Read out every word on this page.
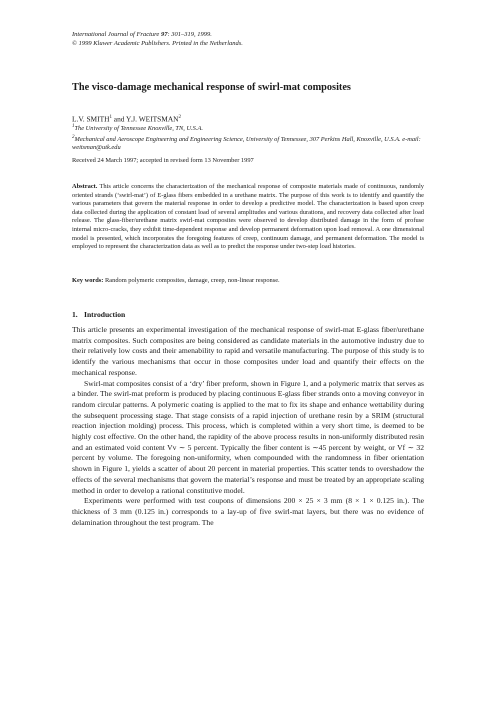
International Journal of Fracture 97: 301–319, 1999.
© 1999 Kluwer Academic Publishers. Printed in the Netherlands.
The visco-damage mechanical response of swirl-mat composites
L.V. SMITH$^1$ and Y.J. WEITSMAN$^2$
$^1$The University of Tennessee Knoxville, TN, U.S.A.
$^2$Mechanical and Aeroscope Engineering and Engineering Science, University of Tennessee, 307 Perkins Hall, Knoxville, U.S.A. e-mail: weitsman@utk.edu
Received 24 March 1997; accepted in revised form 13 November 1997
Abstract. This article concerns the characterization of the mechanical response of composite materials made of continuous, randomly oriented strands (‘swirl-mat’) of E-glass fibers embedded in a urethane matrix. The purpose of this work is to identify and quantify the various parameters that govern the material response in order to develop a predictive model. The characterization is based upon creep data collected during the application of constant load of several amplitudes and various durations, and recovery data collected after load release. The glass-fiber/urethane matrix swirl-mat composites were observed to develop distributed damage in the form of profuse internal micro-cracks, they exhibit time-dependent response and develop permanent deformation upon load removal. A one dimensional model is presented, which incorporates the foregoing features of creep, continuum damage, and permanent deformation. The model is employed to represent the characterization data as well as to predict the response under two-step load histories.
Key words: Random polymeric composites, damage, creep, non-linear response.
1. Introduction

This article presents an experimental investigation of the mechanical response of swirl-mat E-glass fiber/urethane matrix composites. Such composites are being considered as candidate materials in the automotive industry due to their relatively low costs and their amenability to rapid and versatile manufacturing. The purpose of this study is to identify the various mechanisms that occur in those composites under load and quantify their effects on the mechanical response.

Swirl-mat composites consist of a ‘dry’ fiber preform, shown in Figure 1, and a polymeric matrix that serves as a binder. The swirl-mat preform is produced by placing continuous E-glass fiber strands onto a moving conveyor in random circular patterns. A polymeric coating is applied to the mat to fix its shape and enhance wettability during the subsequent processing stage. That stage consists of a rapid injection of urethane resin by a SRIM (structural reaction injection molding) process. This process, which is completed within a very short time, is deemed to be highly cost effective. On the other hand, the rapidity of the above process results in non-uniformly distributed resin and an estimated void content Vv ∼ 5 percent. Typically the fiber content is ∼45 percent by weight, or Vf ∼ 32 percent by volume. The foregoing non-uniformity, when compounded with the randomness in fiber orientation shown in Figure 1, yields a scatter of about 20 percent in material properties. This scatter tends to overshadow the effects of the several mechanisms that govern the material’s response and must be treated by an appropriate scaling method in order to develop a rational constitutive model.

Experiments were performed with test coupons of dimensions 200 × 25 × 3 mm (8 × 1 × 0.125 in.). The thickness of 3 mm (0.125 in.) corresponds to a lay-up of five swirl-mat layers, but there was no evidence of delamination throughout the test program. The
